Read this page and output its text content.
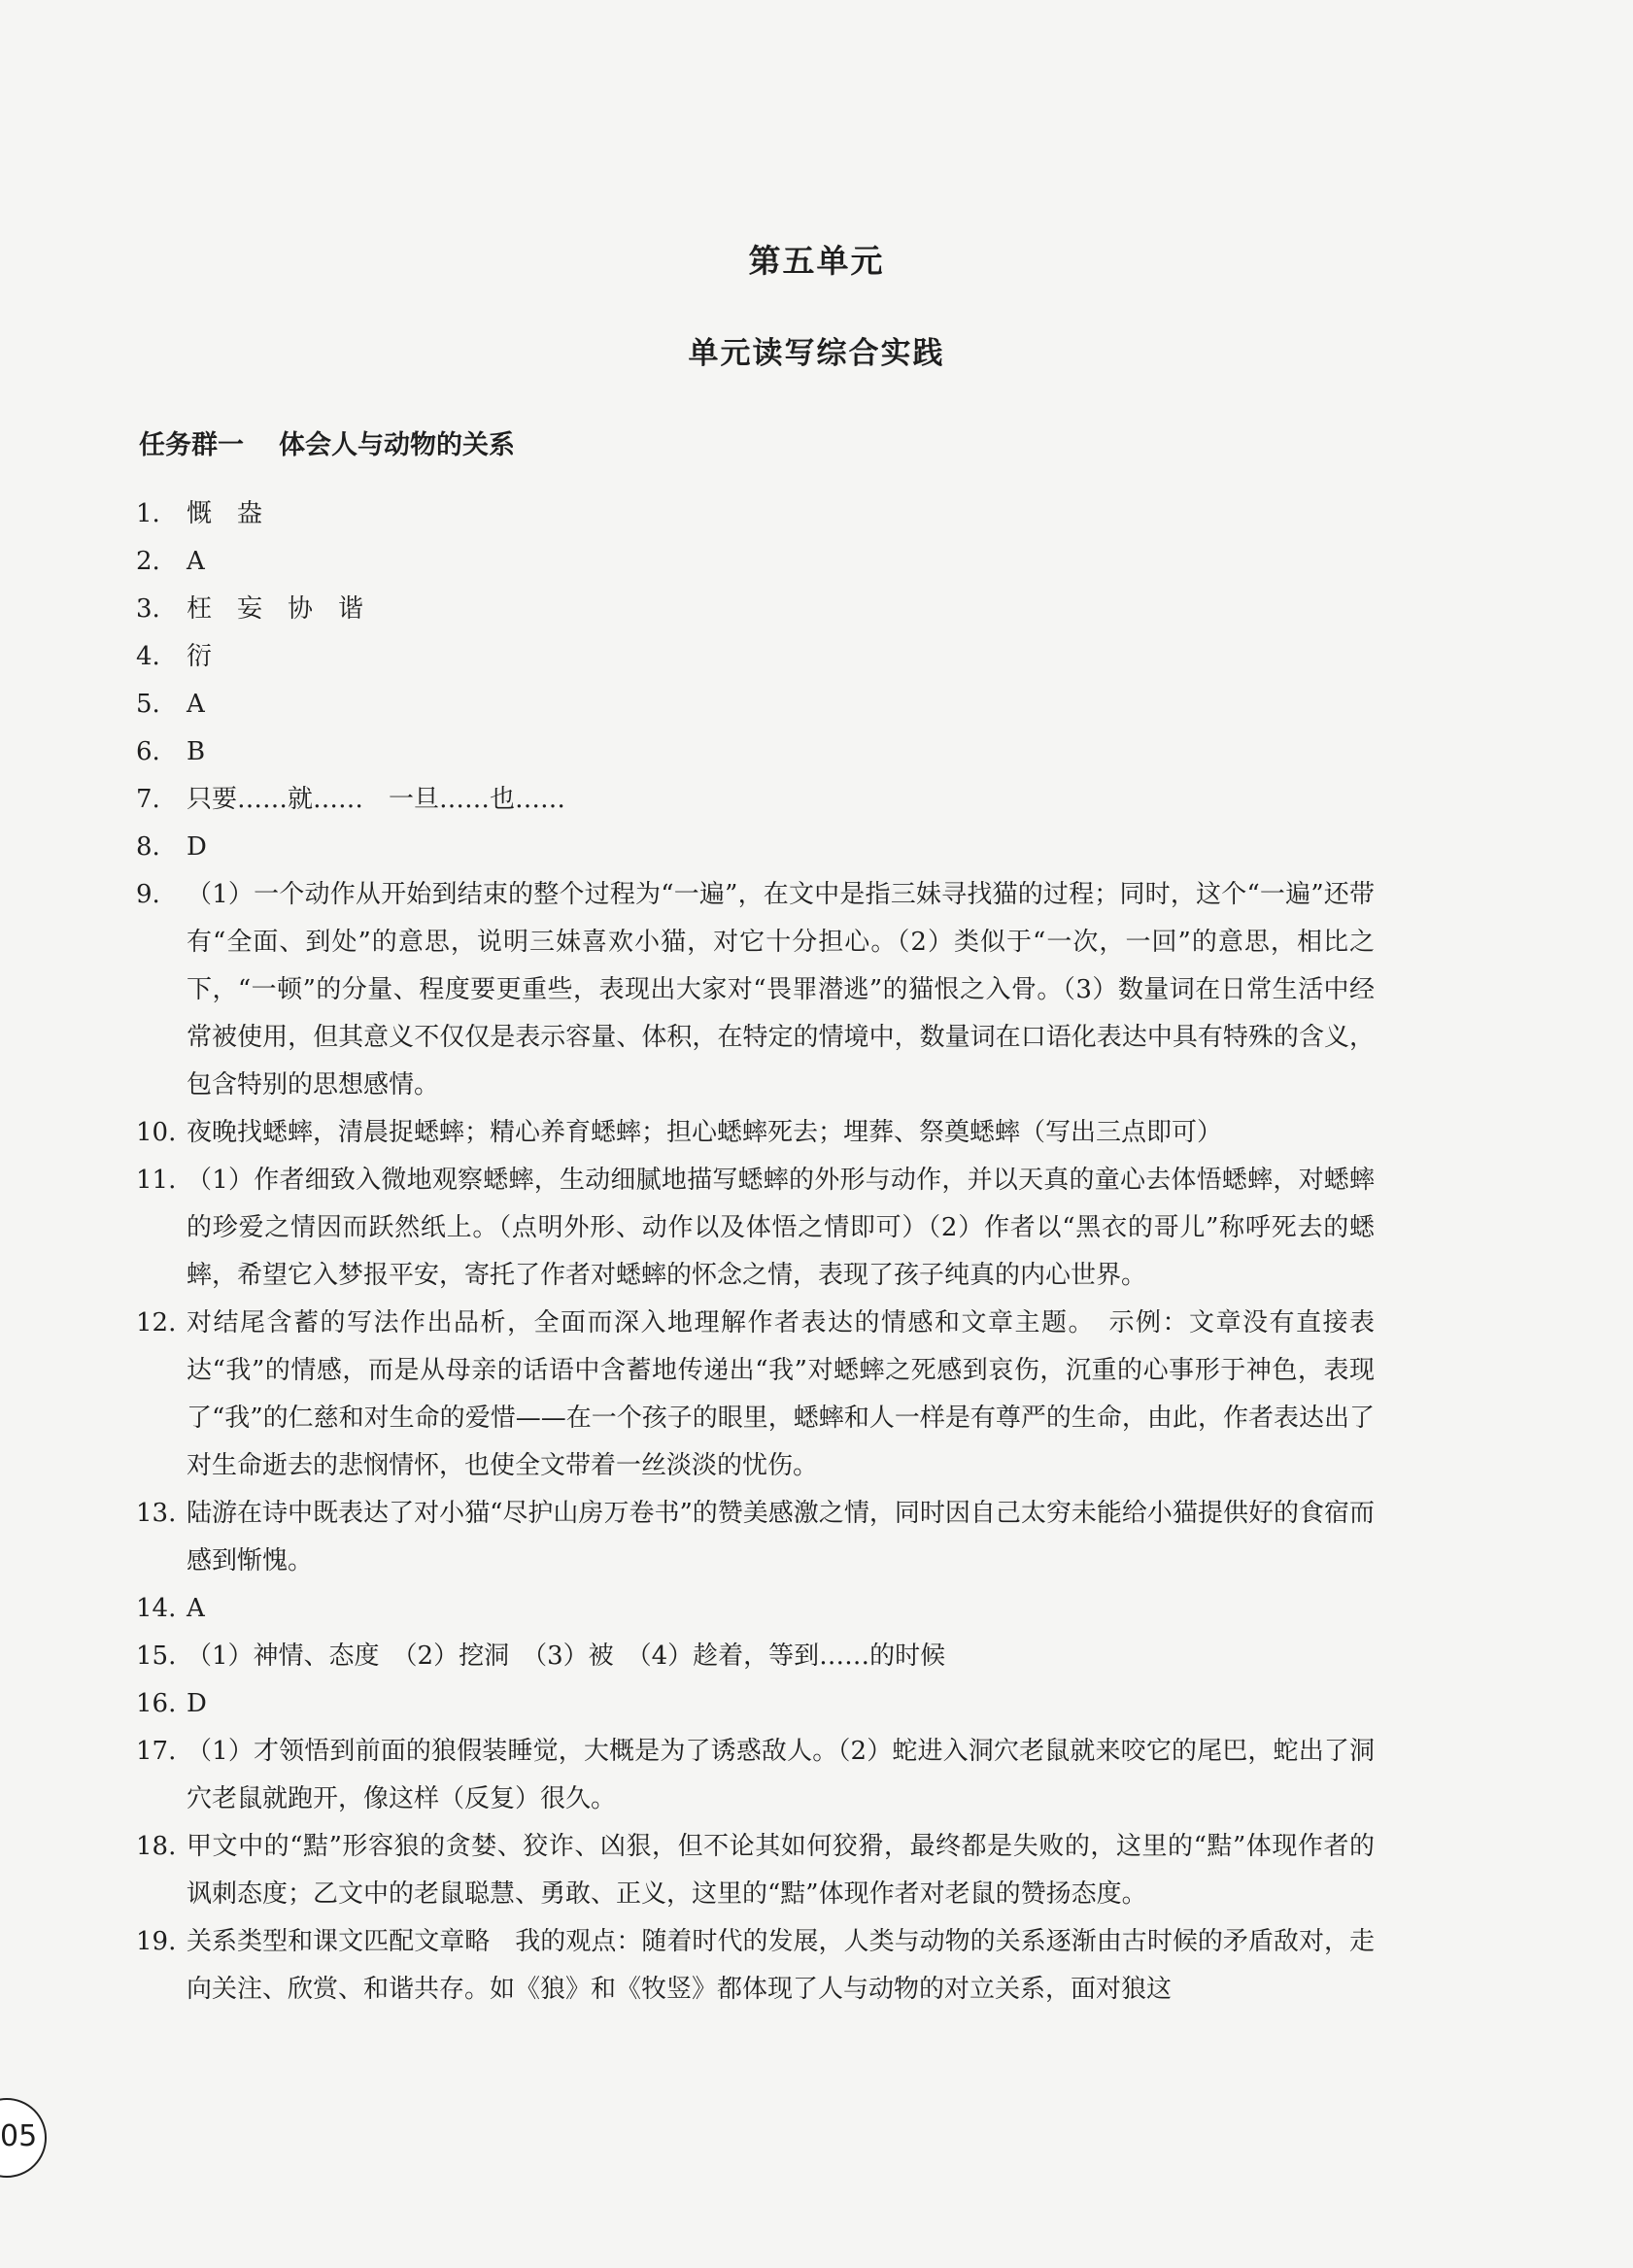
第五单元
单元读写综合实践
任务群一 体会人与动物的关系
1. 慨　盎
2. A
3. 枉　妄　协　谐
4. 衍
5. A
6. B
7. 只要……就……　一旦……也……
8. D
9. （1）一个动作从开始到结束的整个过程为“一遍”，在文中是指三妹寻找猫的过程；同时，这个“一遍”还带有“全面、到处”的意思，说明三妹喜欢小猫，对它十分担心。（2）类似于“一次，一回”的意思，相比之下，“一顿”的分量、程度要更重些，表现出大家对“畏罪潜逃”的猫恨之入骨。（3）数量词在日常生活中经常被使用，但其意义不仅仅是表示容量、体积，在特定的情境中，数量词在口语化表达中具有特殊的含义，包含特别的思想感情。
10. 夜晚找蟋蟀，清晨捉蟋蟀；精心养育蟋蟀；担心蟋蟀死去；埋葬、祭奠蟋蟀（写出三点即可）
11. （1）作者细致入微地观察蟋蟀，生动细腻地描写蟋蟀的外形与动作，并以天真的童心去体悟蟋蟀，对蟋蟀的珍爱之情因而跃然纸上。（点明外形、动作以及体悟之情即可）（2）作者以“黑衣的哥儿”称呼死去的蟋蟀，希望它入梦报平安，寄托了作者对蟋蟀的怀念之情，表现了孩子纯真的内心世界。
12. 对结尾含蓄的写法作出品析，全面而深入地理解作者表达的情感和文章主题。　示例：文章没有直接表达“我”的情感，而是从母亲的话语中含蓄地传递出“我”对蟋蟀之死感到哀伤，沉重的心事形于神色，表现了“我”的仁慈和对生命的爱惜——在一个孩子的眼里，蟋蟀和人一样是有尊严的生命，由此，作者表达出了对生命逝去的悲悯情怀，也使全文带着一丝淡淡的忧伤。
13. 陆游在诗中既表达了对小猫“尽护山房万卷书”的赞美感激之情，同时因自己太穷未能给小猫提供好的食宿而感到惭愧。
14. A
15. （1）神情、态度　（2）挖洞　（3）被　（4）趁着，等到……的时候
16. D
17. （1）才领悟到前面的狼假装睡觉，大概是为了诱惑敌人。（2）蛇进入洞穴老鼠就来咬它的尾巴，蛇出了洞穴老鼠就跑开，像这样（反复）很久。
18. 甲文中的“黠”形容狼的贪婪、狡诈、凶狠，但不论其如何狡猾，最终都是失败的，这里的“黠”体现作者的讽刺态度；乙文中的老鼠聪慧、勇敢、正义，这里的“黠”体现作者对老鼠的赞扬态度。
19. 关系类型和课文匹配文章略　我的观点：随着时代的发展，人类与动物的关系逐渐由古时候的矛盾敌对，走向关注、欣赏、和谐共存。如《狼》和《牧竖》都体现了人与动物的对立关系，面对狼这
05
